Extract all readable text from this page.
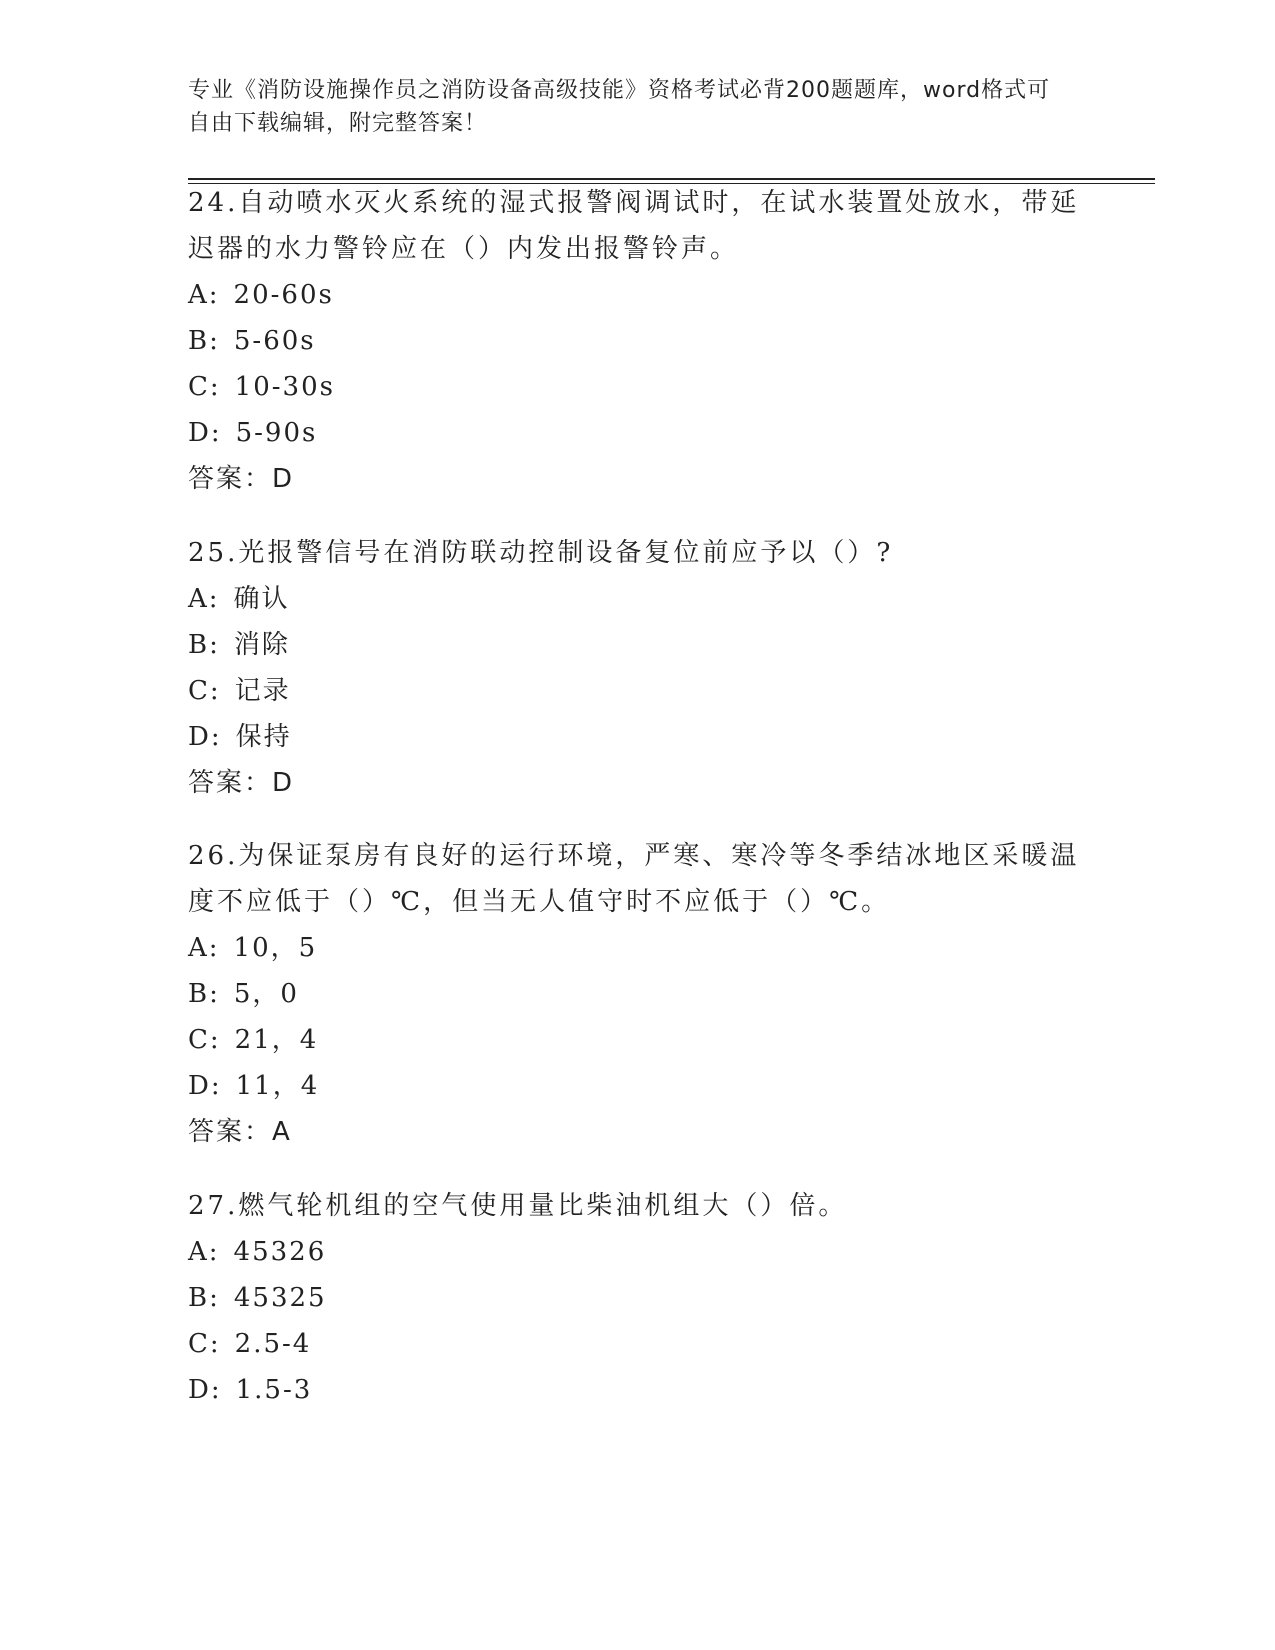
专业《消防设施操作员之消防设备高级技能》资格考试必背200题题库，word格式可自由下载编辑，附完整答案！

24.自动喷水灭火系统的湿式报警阀调试时，在试水装置处放水，带延迟器的水力警铃应在（）内发出报警铃声。

A: 20-60s

B: 5-60s

C: 10-30s

D: 5-90s

答案：D

25.光报警信号在消防联动控制设备复位前应予以（）?

A: 确认

B: 消除

C: 记录

D: 保持

答案：D

26.为保证泵房有良好的运行环境，严寒、寒冷等冬季结冰地区采暖温度不应低于（）℃，但当无人值守时不应低于（）℃。

A: 10，5

B: 5，0

C: 21，4

D: 11，4

答案：A

27.燃气轮机组的空气使用量比柴油机组大（）倍。

A: 45326

B: 45325

C: 2.5-4

D: 1.5-3
